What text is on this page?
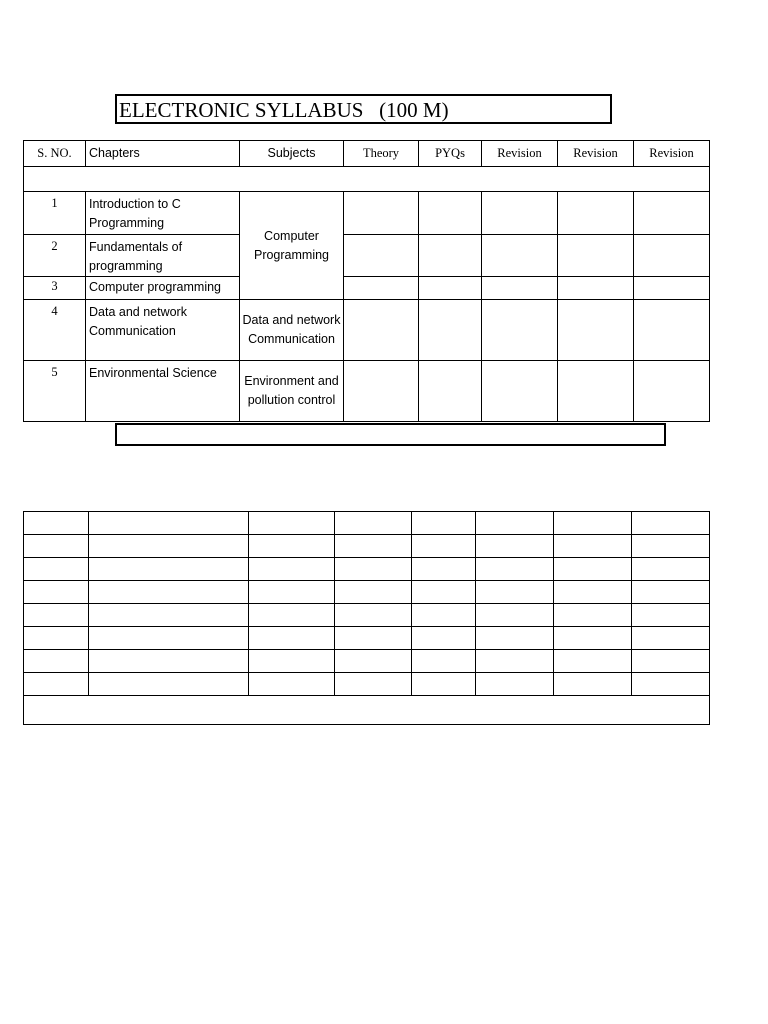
ELECTRONIC SYLLABUS   (100 M)
S. NO.	Chapters	Subjects	Theory	PYQs	Revision	Revision	Revision

1	Introduction to C Programming	Computer Programming					
2	Fundamentals of programming						
3	Computer programming						
4	Data and network Communication	Data and network Communication					
5	Environmental Science	Environment and pollution control					
